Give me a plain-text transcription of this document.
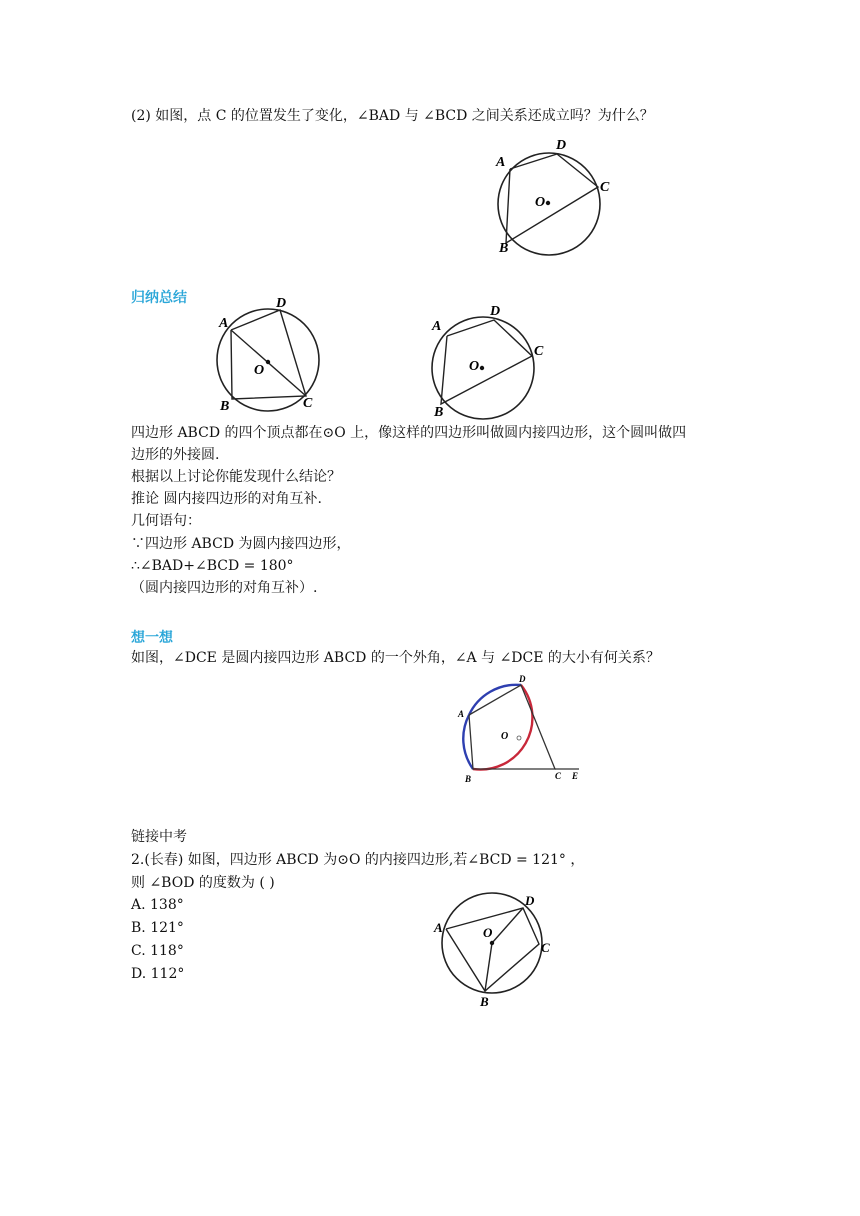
(2) 如图，点 C 的位置发生了变化，∠BAD 与 ∠BCD 之间关系还成立吗？为什么？
A
D
C
B
O
归纳总结
A
D
C
B
O
A
D
C
B
O
四边形 ABCD 的四个顶点都在⊙O 上，像这样的四边形叫做圆内接四边形，这个圆叫做四
边形的外接圆.
根据以上讨论你能发现什么结论？
推论 圆内接四边形的对角互补.
几何语句：
∵四边形 ABCD 为圆内接四边形，
∴∠BAD+∠BCD = 180°
（圆内接四边形的对角互补）.
想一想
如图，∠DCE 是圆内接四边形 ABCD 的一个外角，∠A 与 ∠DCE 的大小有何关系？
A
D
C E
B
O
链接中考
2.(长春) 如图，四边形 ABCD 为⊙O 的内接四边形,若∠BCD = 121° ，
则 ∠BOD 的度数为 ( )
A. 138°
B. 121°
C. 118°
D. 112°
A
D
C
B
O
